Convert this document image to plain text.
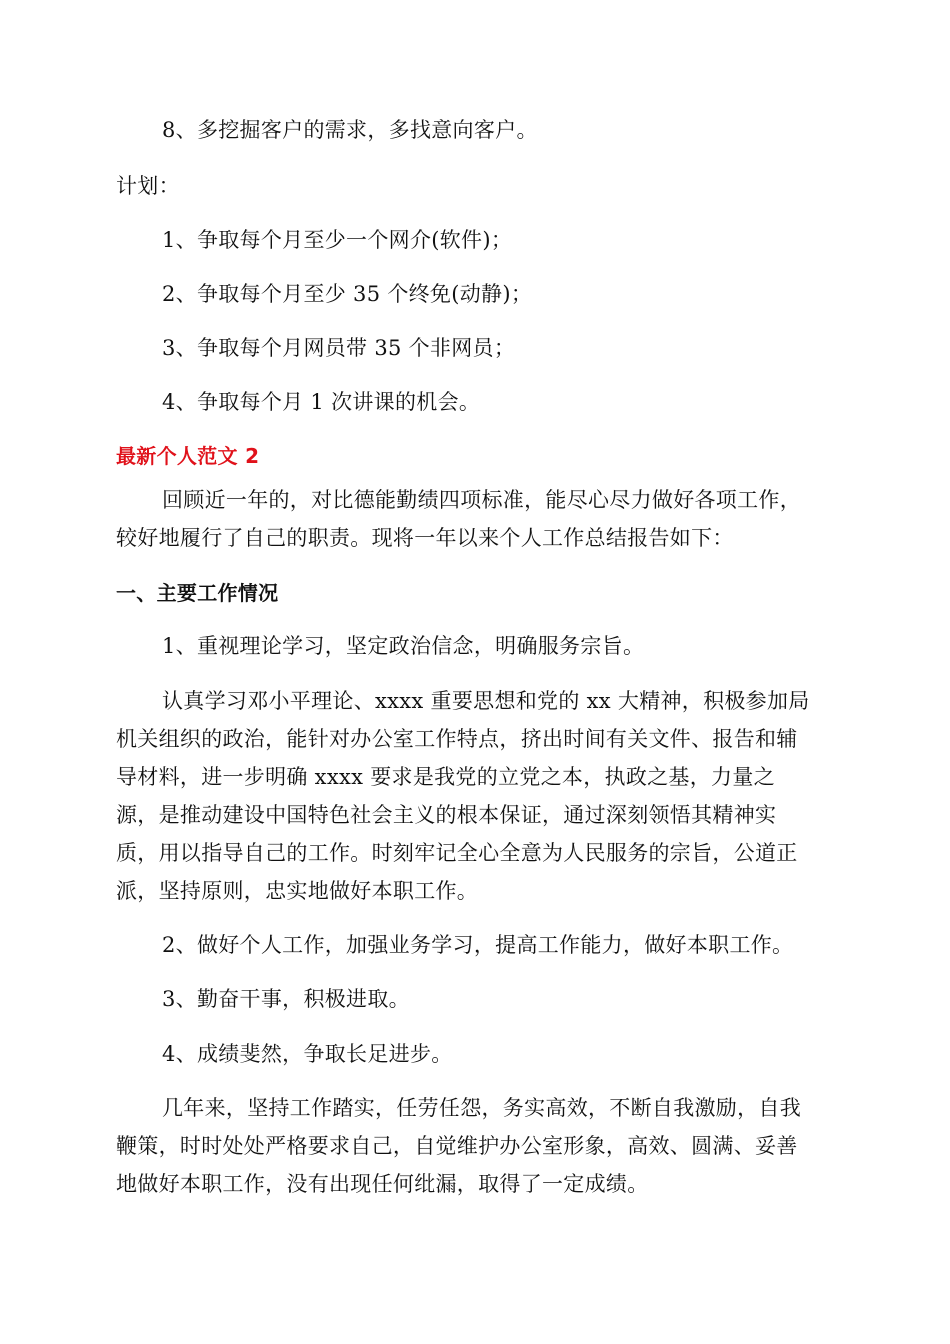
8、多挖掘客户的需求，多找意向客户。
计划：
1、争取每个月至少一个网介(软件)；
2、争取每个月至少 35 个终免(动静)；
3、争取每个月网员带 35 个非网员；
4、争取每个月 1 次讲课的机会。
最新个人范文 2
回顾近一年的，对比德能勤绩四项标准，能尽心尽力做好各项工作，
较好地履行了自己的职责。现将一年以来个人工作总结报告如下：
一、主要工作情况
1、重视理论学习，坚定政治信念，明确服务宗旨。
认真学习邓小平理论、xxxx 重要思想和党的 xx 大精神，积极参加局
机关组织的政治，能针对办公室工作特点，挤出时间有关文件、报告和辅
导材料，进一步明确 xxxx 要求是我党的立党之本，执政之基，力量之
源，是推动建设中国特色社会主义的根本保证，通过深刻领悟其精神实
质，用以指导自己的工作。时刻牢记全心全意为人民服务的宗旨，公道正
派，坚持原则，忠实地做好本职工作。
2、做好个人工作，加强业务学习，提高工作能力，做好本职工作。
3、勤奋干事，积极进取。
4、成绩斐然，争取长足进步。
几年来，坚持工作踏实，任劳任怨，务实高效，不断自我激励，自我
鞭策，时时处处严格要求自己，自觉维护办公室形象，高效、圆满、妥善
地做好本职工作，没有出现任何纰漏，取得了一定成绩。
